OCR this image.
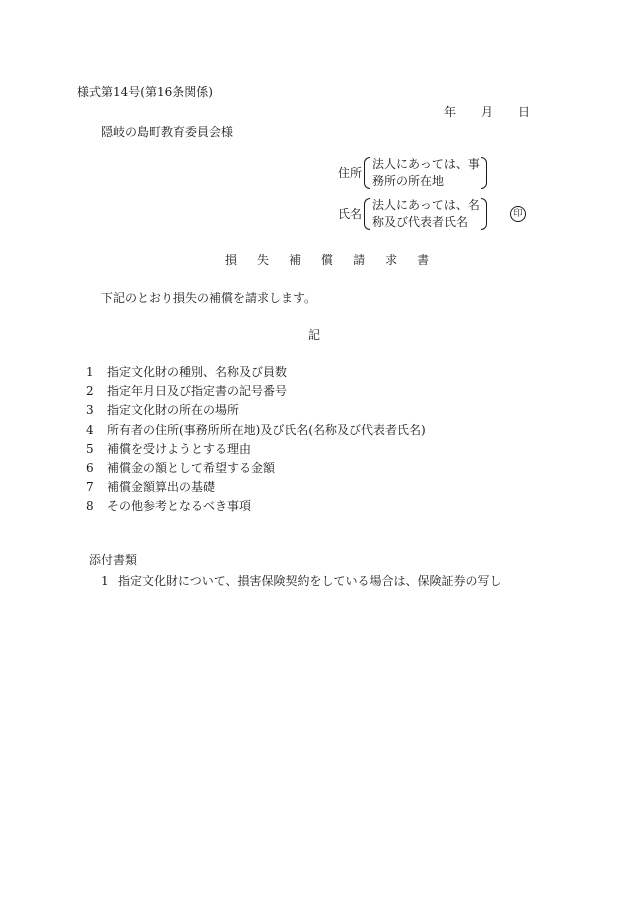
様式第14号(第16条関係)
年 月 日
隠岐の島町教育委員会様
住所
法人にあっては、事
務所の所在地
氏名
法人にあっては、名
称及び代表者氏名
印
損 失 補 償 請 求 書
下記のとおり損失の補償を請求します。
記
1 指定文化財の種別、名称及び員数
2 指定年月日及び指定書の記号番号
3 指定文化財の所在の場所
4 所有者の住所(事務所所在地)及び氏名(名称及び代表者氏名)
5 補償を受けようとする理由
6 補償金の額として希望する金額
7 補償金額算出の基礎
8 その他参考となるべき事項
添付書類
1 指定文化財について、損害保険契約をしている場合は、保険証券の写し
